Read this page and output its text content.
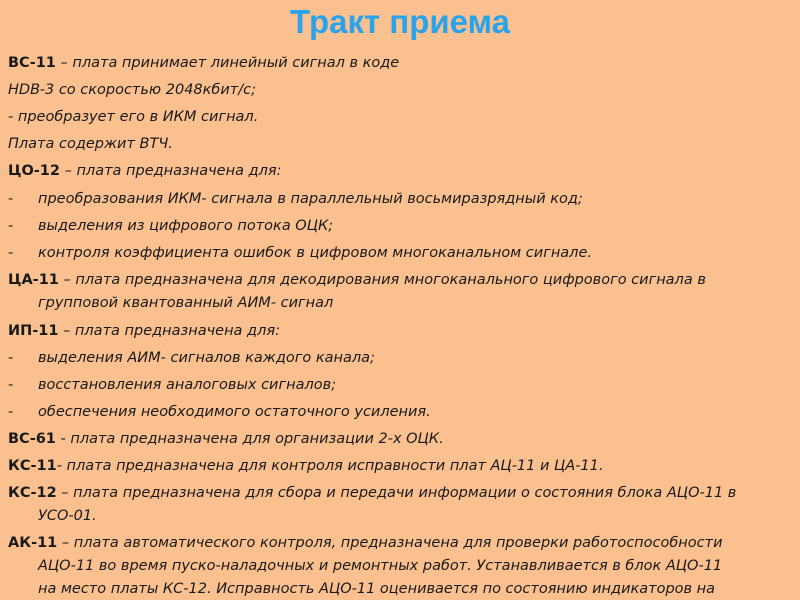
Тракт приема
ВС-11 – плата принимает линейный сигнал в коде
HDB-3 со скоростью 2048кбит/с;
- преобразует его в ИКМ сигнал.
Плата содержит ВТЧ.
ЦО-12 – плата предназначена для:
- преобразования ИКМ- сигнала в параллельный восьмиразрядный код;
- выделения из цифрового потока ОЦК;
- контроля коэффициента ошибок в цифровом многоканальном сигнале.
ЦА-11 – плата предназначена для декодирования многоканального цифрового сигнала в
групповой квантованный АИМ- сигнал
ИП-11 – плата предназначена для:
- выделения АИМ- сигналов каждого канала;
- восстановления аналоговых сигналов;
- обеспечения необходимого остаточного усиления.
ВС-61 - плата предназначена для организации 2-х ОЦК.
КС-11- плата предназначена для контроля исправности плат АЦ-11 и ЦА-11.
КС-12 – плата предназначена для сбора и передачи информации о состояния блока АЦО-11 в
УСО-01.
АК-11 – плата автоматического контроля, предназначена для проверки работоспособности
АЦО-11 во время пуско-наладочных и ремонтных работ. Устанавливается в блок АЦО-11
на место платы КС-12. Исправность АЦО-11 оценивается по состоянию индикаторов на
